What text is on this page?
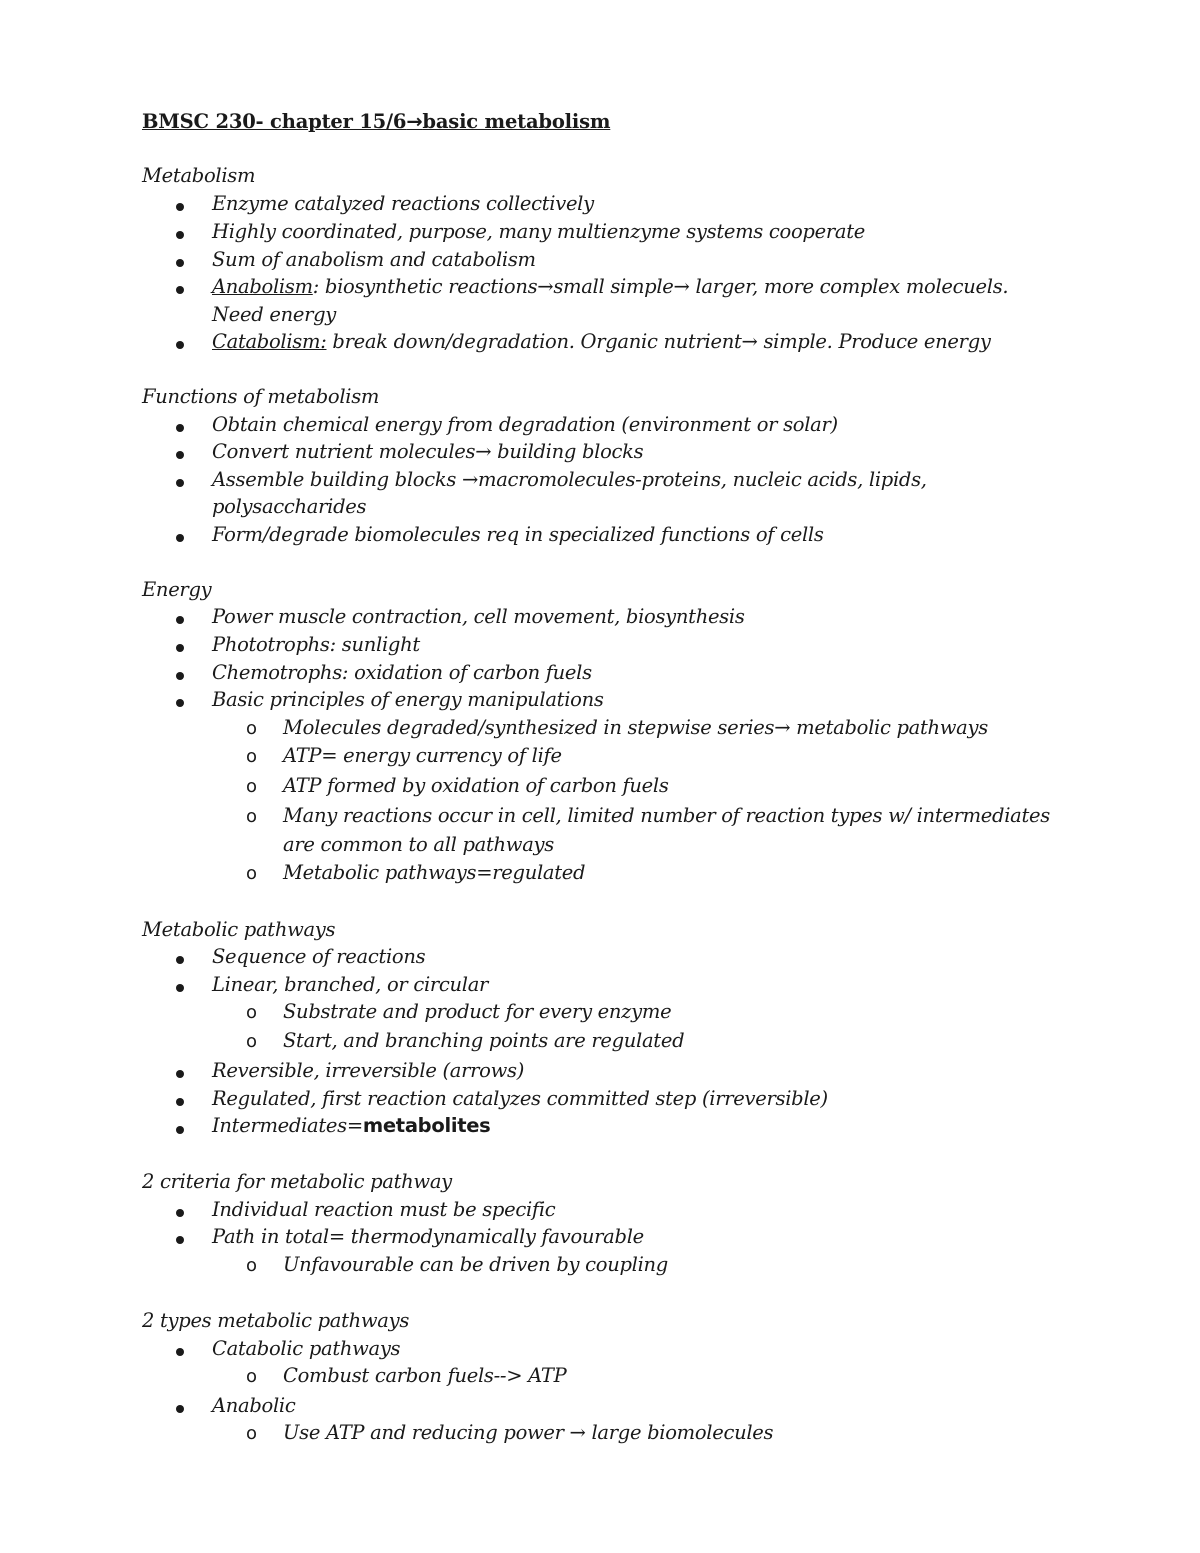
BMSC 230- chapter 15/6→basic metabolism
Metabolism
Enzyme catalyzed reactions collectively
Highly coordinated, purpose, many multienzyme systems cooperate
Sum of anabolism and catabolism
Anabolism: biosynthetic reactions→small simple→ larger, more complex molecuels.
Need energy
Catabolism: break down/degradation. Organic nutrient→ simple. Produce energy
Functions of metabolism
Obtain chemical energy from degradation (environment or solar)
Convert nutrient molecules→ building blocks
Assemble building blocks →macromolecules-proteins, nucleic acids, lipids,
polysaccharides
Form/degrade biomolecules req in specialized functions of cells
Energy
Power muscle contraction, cell movement, biosynthesis
Phototrophs: sunlight
Chemotrophs: oxidation of carbon fuels
Basic principles of energy manipulations
o Molecules degraded/synthesized in stepwise series→ metabolic pathways
o ATP= energy currency of life
o ATP formed by oxidation of carbon fuels
o Many reactions occur in cell, limited number of reaction types w/ intermediates
are common to all pathways
o Metabolic pathways=regulated
Metabolic pathways
Sequence of reactions
Linear, branched, or circular
o Substrate and product for every enzyme
o Start, and branching points are regulated
Reversible, irreversible (arrows)
Regulated, first reaction catalyzes committed step (irreversible)
Intermediates=metabolites
2 criteria for metabolic pathway
Individual reaction must be specific
Path in total= thermodynamically favourable
o Unfavourable can be driven by coupling
2 types metabolic pathways
Catabolic pathways
o Combust carbon fuels--> ATP
Anabolic
o Use ATP and reducing power → large biomolecules
